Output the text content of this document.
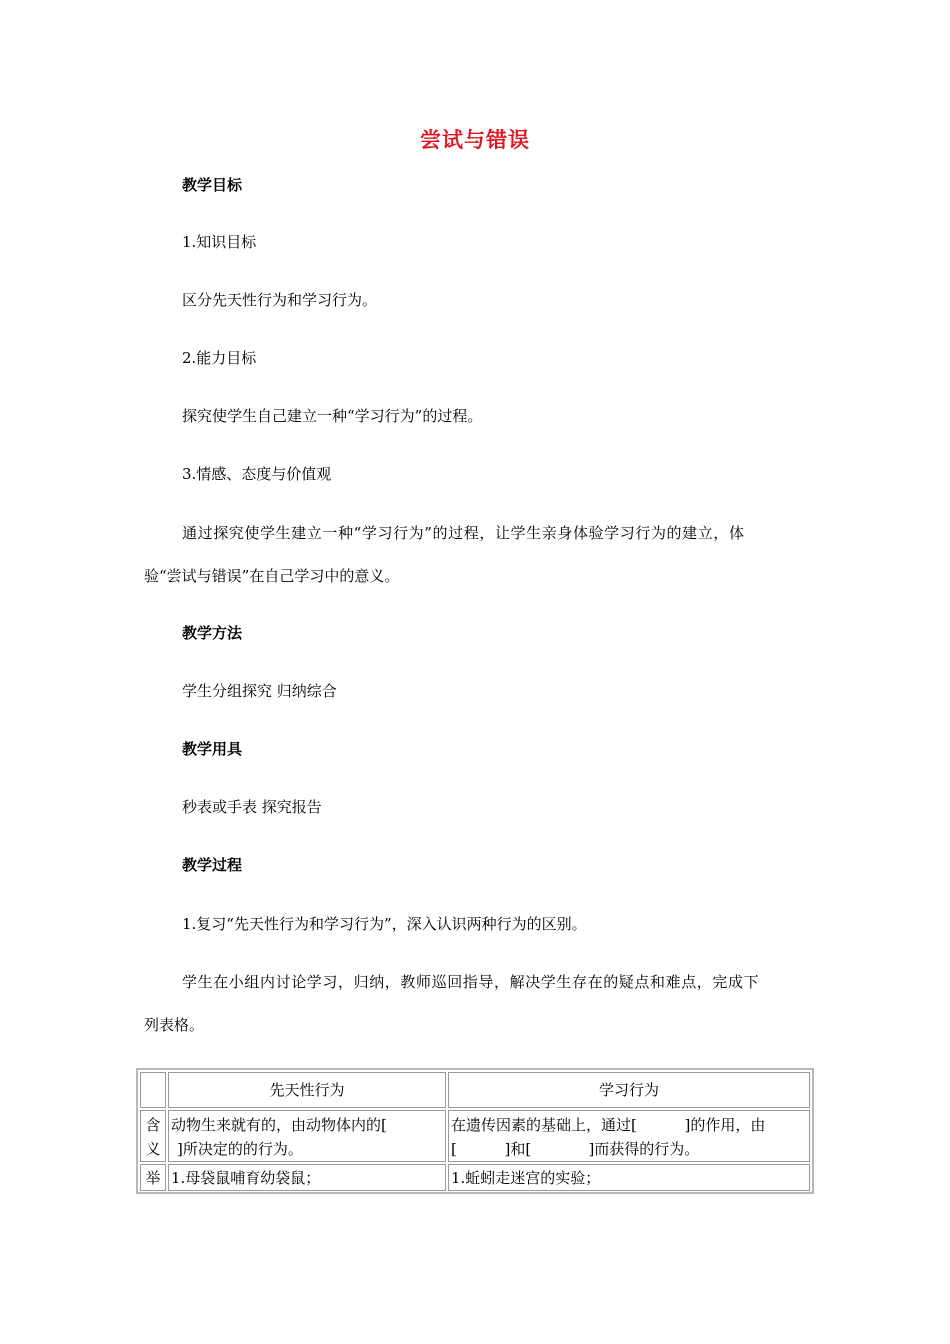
尝试与错误
教学目标
1.知识目标
区分先天性行为和学习行为。
2.能力目标
探究使学生自己建立一种“学习行为”的过程。
3.情感、态度与价值观
通过探究使学生建立一种“学习行为”的过程，让学生亲身体验学习行为的建立，体
验“尝试与错误”在自己学习中的意义。
教学方法
学生分组探究 归纳综合
教学用具
秒表或手表 探究报告
教学过程
1.复习“先天性行为和学习行为”，深入认识两种行为的区别。
学生在小组内讨论学习，归纳，教师巡回指导，解决学生存在的疑点和难点，完成下
列表格。
先天性行为	学习行为
含
义
动物生来就有的，由动物体内的[
]所决定的的行为。
在遗传因素的基础上，通过[          ]的作用，由
[          ]和[            ]而获得的行为。
举 1.母袋鼠哺育幼袋鼠；	1.蚯蚓走迷宫的实验；
